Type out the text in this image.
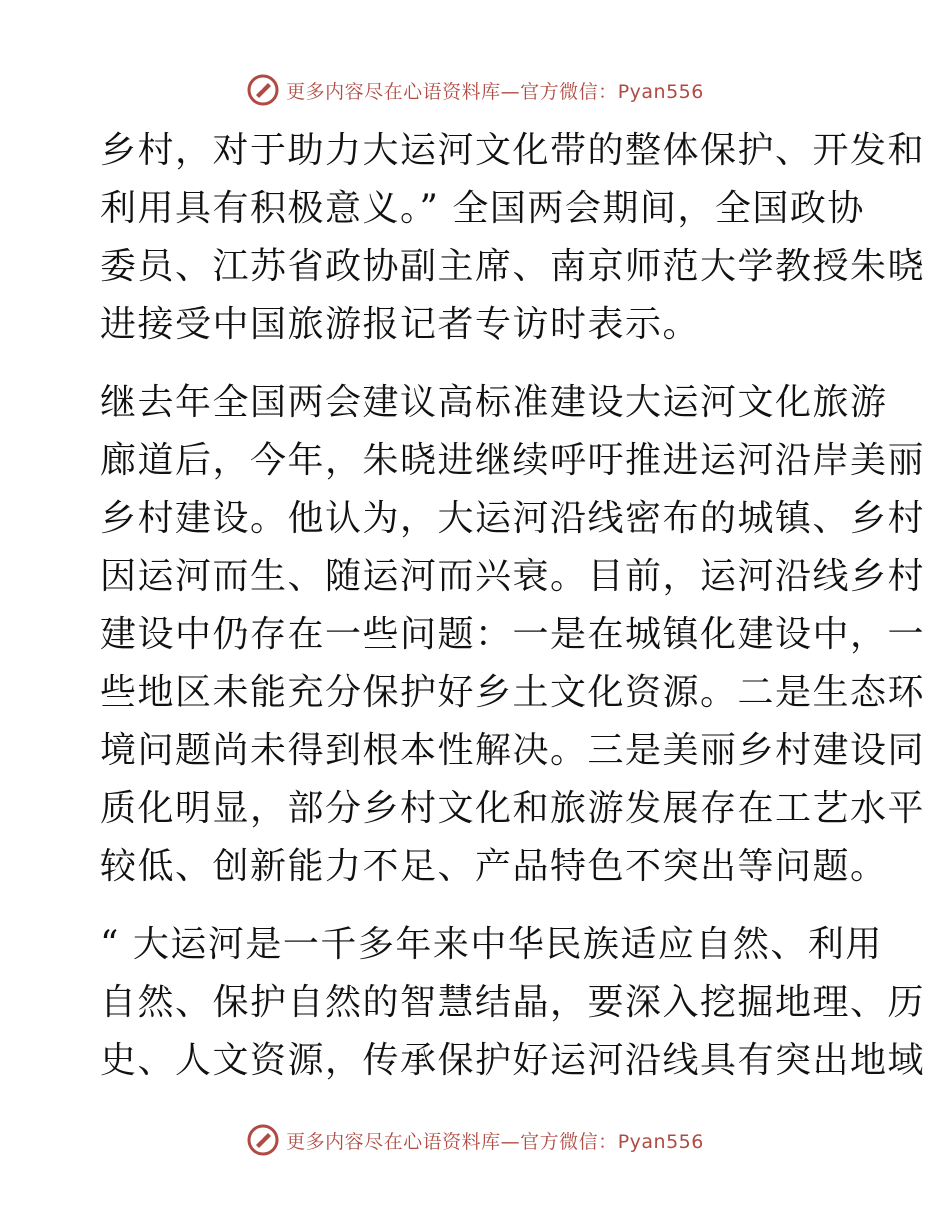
更多内容尽在心语资料库—官方微信：Pyan556
乡村，对于助力大运河文化带的整体保护、开发和
利用具有积极意义。” 全国两会期间，全国政协
委员、江苏省政协副主席、南京师范大学教授朱晓
进接受中国旅游报记者专访时表示。
继去年全国两会建议高标准建设大运河文化旅游
廊道后，今年，朱晓进继续呼吁推进运河沿岸美丽
乡村建设。他认为，大运河沿线密布的城镇、乡村
因运河而生、随运河而兴衰。目前，运河沿线乡村
建设中仍存在一些问题：一是在城镇化建设中，一
些地区未能充分保护好乡土文化资源。二是生态环
境问题尚未得到根本性解决。三是美丽乡村建设同
质化明显，部分乡村文化和旅游发展存在工艺水平
较低、创新能力不足、产品特色不突出等问题。
“ 大运河是一千多年来中华民族适应自然、利用
自然、保护自然的智慧结晶，要深入挖掘地理、历
史、人文资源，传承保护好运河沿线具有突出地域
更多内容尽在心语资料库—官方微信：Pyan556
